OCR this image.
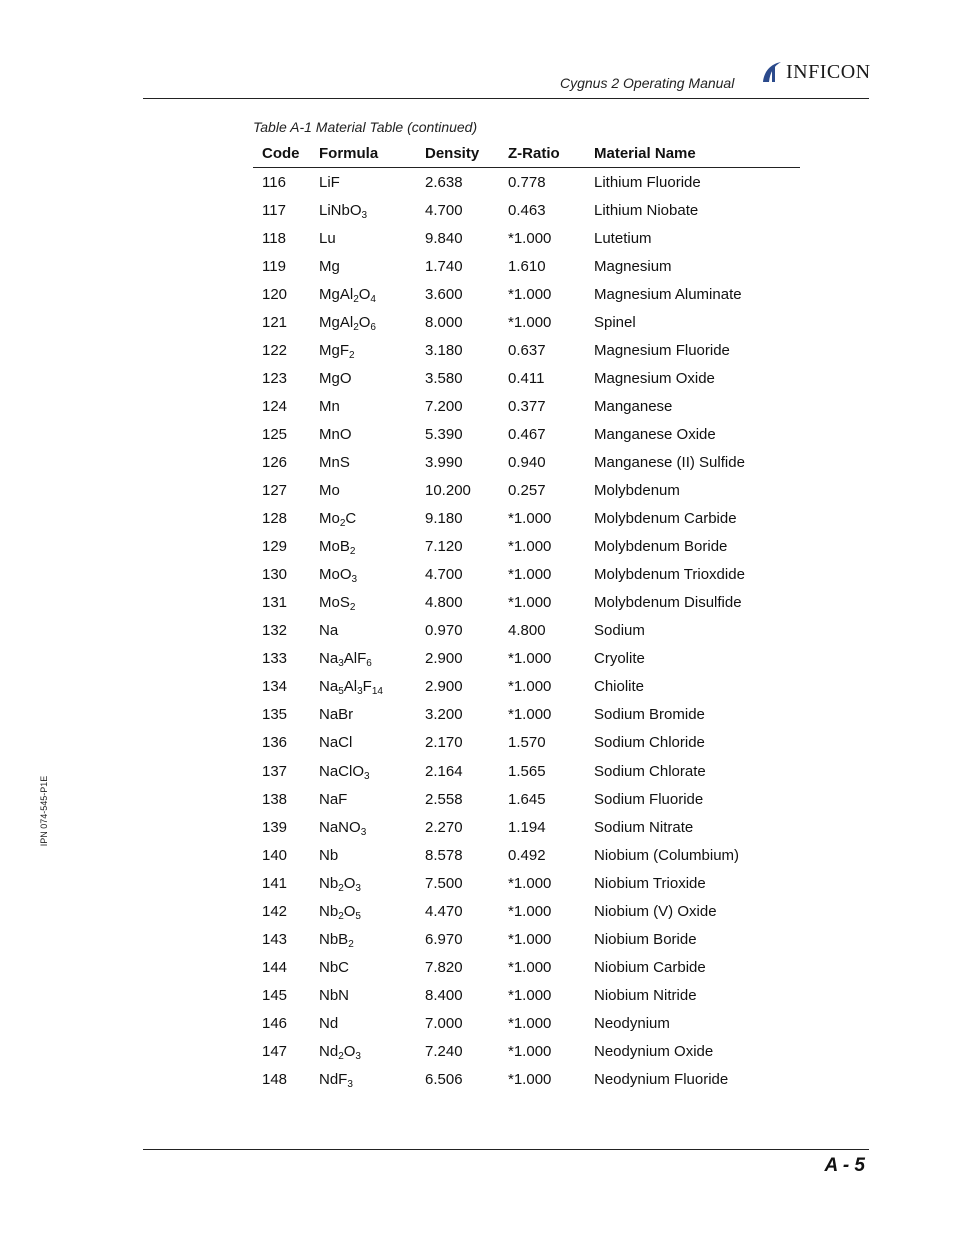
Cygnus 2 Operating Manual
INFICON
Table A-1 Material Table (continued)
Code	Formula	Density	Z-Ratio	Material Name
116	LiF	2.638	0.778	Lithium Fluoride
117	LiNbO$_3$	4.700	0.463	Lithium Niobate
118	Lu	9.840	*1.000	Lutetium
119	Mg	1.740	1.610	Magnesium
120	$MgAl_2O_4$	3.600	*1.000	Magnesium Aluminate
121	$MgAl_2O_6$	8.000	*1.000	Spinel
122	MgF$_2$	3.180	0.637	Magnesium Fluoride
123	MgO	3.580	0.411	Magnesium Oxide
124	Mn	7.200	0.377	Manganese
125	MnO	5.390	0.467	Manganese Oxide
126	MnS	3.990	0.940	Manganese (II) Sulfide
127	Mo	10.200	0.257	Molybdenum
128	$Mo_2C$	9.180	*1.000	Molybdenum Carbide
129	MoB$_2$	7.120	*1.000	Molybdenum Boride
130	MoO$_3$	4.700	*1.000	Molybdenum Trioxdide
131	MoS$_2$	4.800	*1.000	Molybdenum Disulfide
132	Na	0.970	4.800	Sodium
133	$Na_3AlF_6$	2.900	*1.000	Cryolite
134	$Na_5Al_3F_{14}$	2.900	*1.000	Chiolite
135	NaBr	3.200	*1.000	Sodium Bromide
136	NaCl	2.170	1.570	Sodium Chloride
137	NaClO$_3$	2.164	1.565	Sodium Chlorate
138	NaF	2.558	1.645	Sodium Fluoride
139	NaNO$_3$	2.270	1.194	Sodium Nitrate
140	Nb	8.578	0.492	Niobium (Columbium)
141	$Nb_2O_3$	7.500	*1.000	Niobium Trioxide
142	$Nb_2O_5$	4.470	*1.000	Niobium (V) Oxide
143	NbB$_2$	6.970	*1.000	Niobium Boride
144	NbC	7.820	*1.000	Niobium Carbide
145	NbN	8.400	*1.000	Niobium Nitride
146	Nd	7.000	*1.000	Neodynium
147	$Nd_2O_3$	7.240	*1.000	Neodynium Oxide
148	NdF$_3$	6.506	*1.000	Neodynium Fluoride
IPN 074-545-P1E
A - 5
